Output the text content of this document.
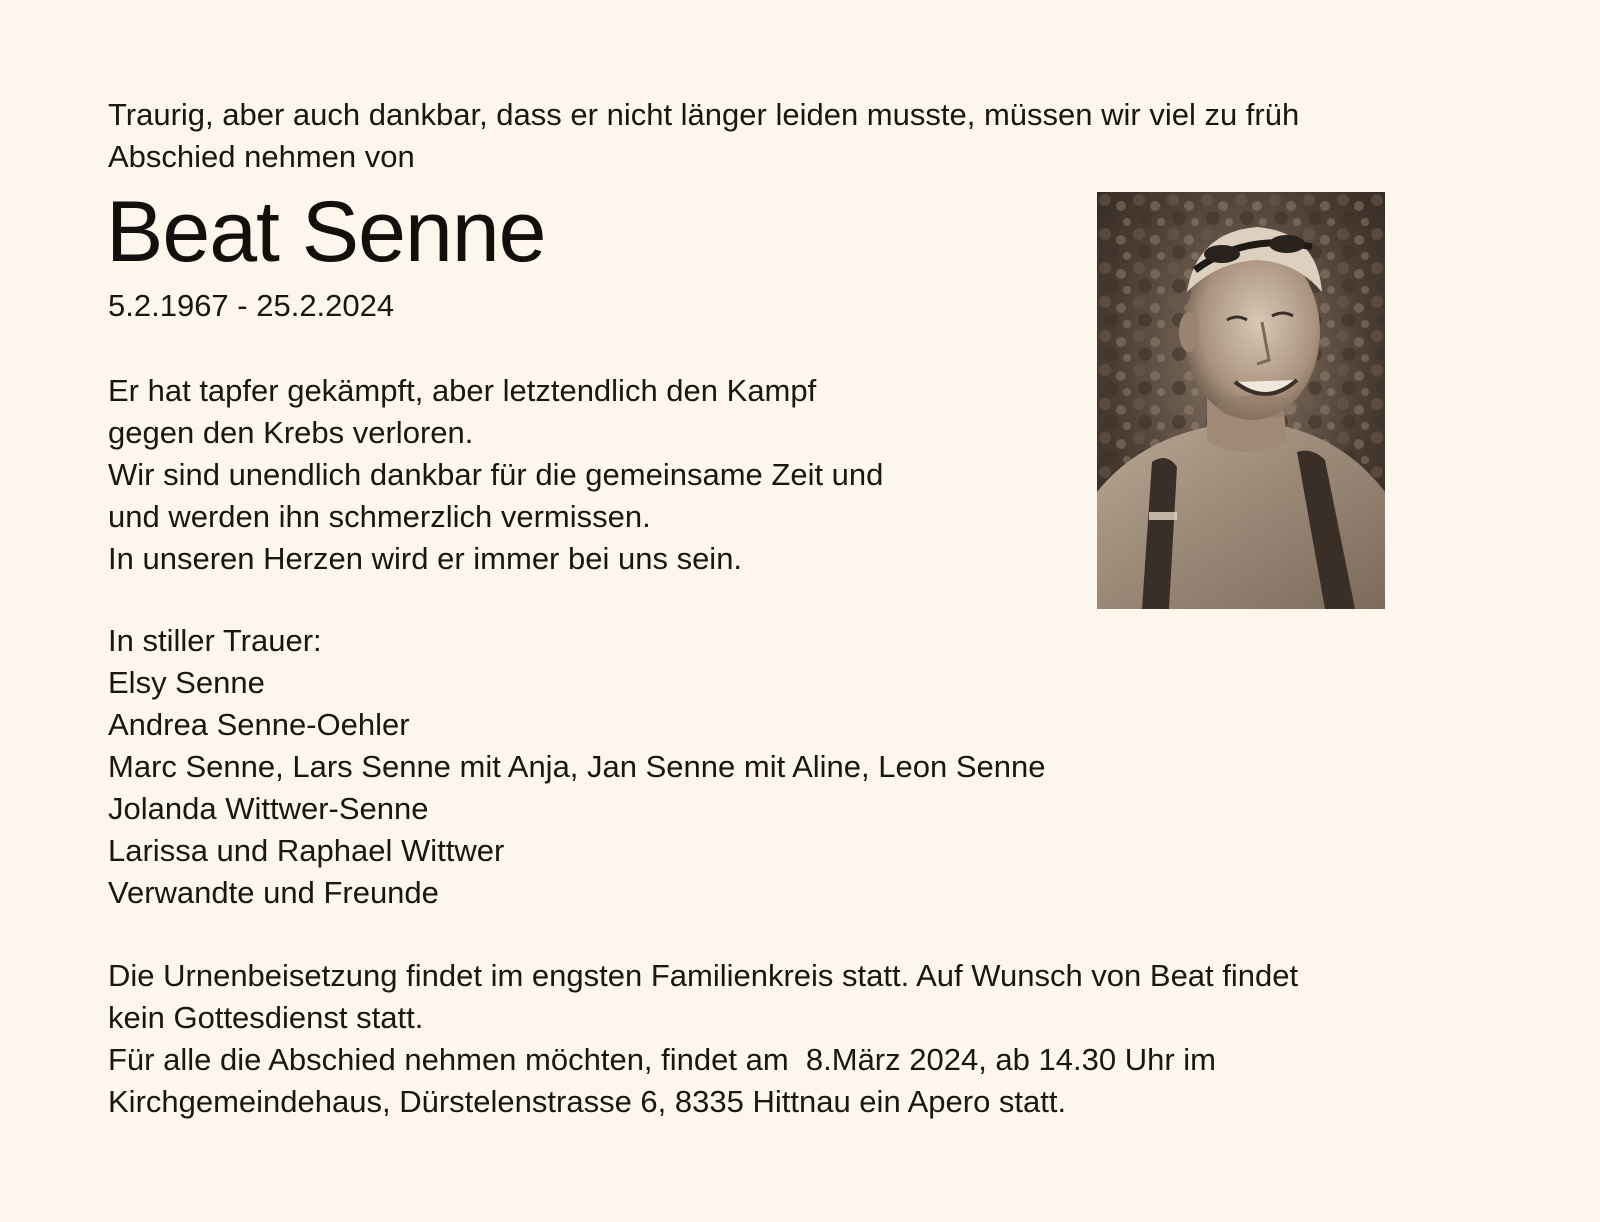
Traurig, aber auch dankbar, dass er nicht länger leiden musste, müssen wir viel zu früh
Abschied nehmen von

Beat Senne

5.2.1967 - 25.2.2024

Er hat tapfer gekämpft, aber letztendlich den Kampf
gegen den Krebs verloren.
Wir sind unendlich dankbar für die gemeinsame Zeit und
und werden ihn schmerzlich vermissen.
In unseren Herzen wird er immer bei uns sein.

In stiller Trauer:
Elsy Senne
Andrea Senne-Oehler
Marc Senne, Lars Senne mit Anja, Jan Senne mit Aline, Leon Senne
Jolanda Wittwer-Senne
Larissa und Raphael Wittwer
Verwandte und Freunde

Die Urnenbeisetzung findet im engsten Familienkreis statt. Auf Wunsch von Beat findet
kein Gottesdienst statt.
Für alle die Abschied nehmen möchten, findet am  8.März 2024, ab 14.30 Uhr im
Kirchgemeindehaus, Dürstelenstrasse 6, 8335 Hittnau ein Apero statt.
